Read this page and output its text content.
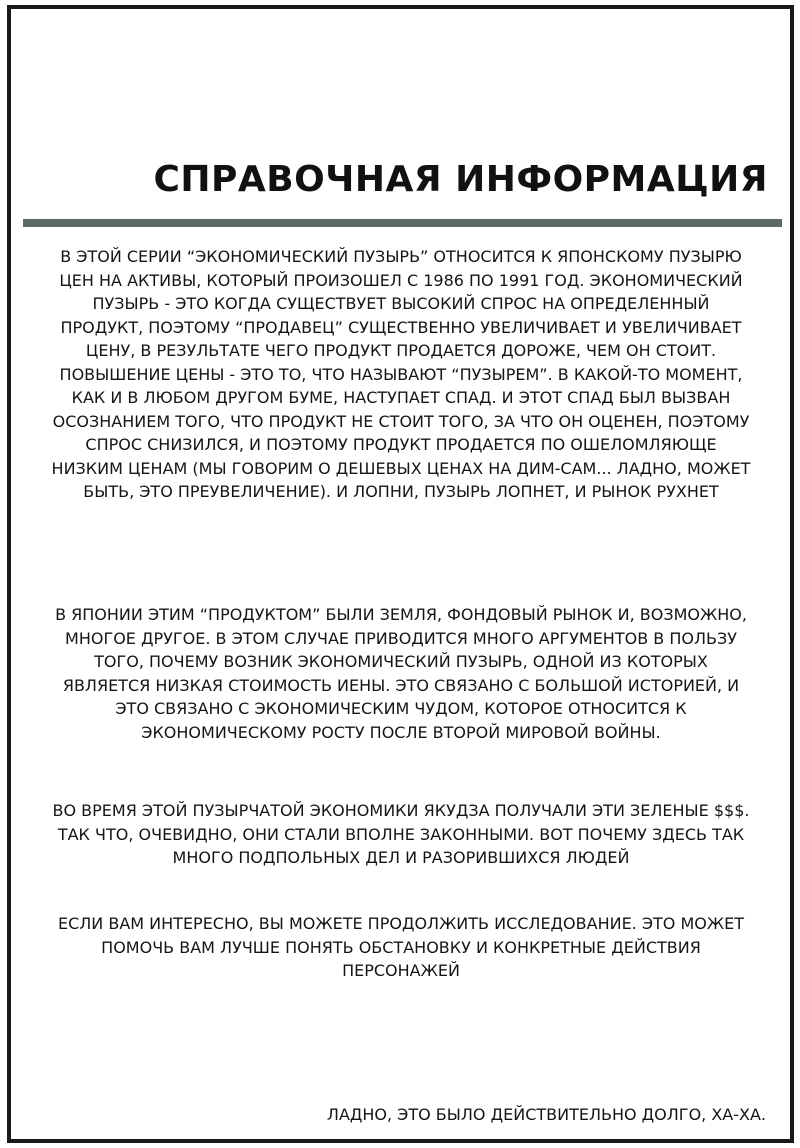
СПРАВОЧНАЯ ИНФОРМАЦИЯ

В ЭТОЙ СЕРИИ “ЭКОНОМИЧЕСКИЙ ПУЗЫРЬ” ОТНОСИТСЯ К ЯПОНСКОМУ ПУЗЫРЮ ЦЕН НА АКТИВЫ, КОТОРЫЙ ПРОИЗОШЕЛ С 1986 ПО 1991 ГОД. ЭКОНОМИЧЕСКИЙ ПУЗЫРЬ - ЭТО КОГДА СУЩЕСТВУЕТ ВЫСОКИЙ СПРОС НА ОПРЕДЕЛЕННЫЙ ПРОДУКТ, ПОЭТОМУ “ПРОДАВЕЦ” СУЩЕСТВЕННО УВЕЛИЧИВАЕТ И УВЕЛИЧИВАЕТ ЦЕНУ, В РЕЗУЛЬТАТЕ ЧЕГО ПРОДУКТ ПРОДАЕТСЯ ДОРОЖЕ, ЧЕМ ОН СТОИТ. ПОВЫШЕНИЕ ЦЕНЫ - ЭТО ТО, ЧТО НАЗЫВАЮТ “ПУЗЫРЕМ”. В КАКОЙ-ТО МОМЕНТ, КАК И В ЛЮБОМ ДРУГОМ БУМЕ, НАСТУПАЕТ СПАД. И ЭТОТ СПАД БЫЛ ВЫЗВАН ОСОЗНАНИЕМ ТОГО, ЧТО ПРОДУКТ НЕ СТОИТ ТОГО, ЗА ЧТО ОН ОЦЕНЕН, ПОЭТОМУ СПРОС СНИЗИЛСЯ, И ПОЭТОМУ ПРОДУКТ ПРОДАЕТСЯ ПО ОШЕЛОМЛЯЮЩЕ НИЗКИМ ЦЕНАМ (МЫ ГОВОРИМ О ДЕШЕВЫХ ЦЕНАХ НА ДИМ-САМ... ЛАДНО, МОЖЕТ БЫТЬ, ЭТО ПРЕУВЕЛИЧЕНИЕ). И ЛОПНИ, ПУЗЫРЬ ЛОПНЕТ, И РЫНОК РУХНЕТ

В ЯПОНИИ ЭТИМ “ПРОДУКТОМ” БЫЛИ ЗЕМЛЯ, ФОНДОВЫЙ РЫНОК И, ВОЗМОЖНО, МНОГОЕ ДРУГОЕ. В ЭТОМ СЛУЧАЕ ПРИВОДИТСЯ МНОГО АРГУМЕНТОВ В ПОЛЬЗУ ТОГО, ПОЧЕМУ ВОЗНИК ЭКОНОМИЧЕСКИЙ ПУЗЫРЬ, ОДНОЙ ИЗ КОТОРЫХ ЯВЛЯЕТСЯ НИЗКАЯ СТОИМОСТЬ ИЕНЫ. ЭТО СВЯЗАНО С БОЛЬШОЙ ИСТОРИЕЙ, И ЭТО СВЯЗАНО С ЭКОНОМИЧЕСКИМ ЧУДОМ, КОТОРОЕ ОТНОСИТСЯ К ЭКОНОМИЧЕСКОМУ РОСТУ ПОСЛЕ ВТОРОЙ МИРОВОЙ ВОЙНЫ.

ВО ВРЕМЯ ЭТОЙ ПУЗЫРЧАТОЙ ЭКОНОМИКИ ЯКУДЗА ПОЛУЧАЛИ ЭТИ ЗЕЛЕНЫЕ $$$. ТАК ЧТО, ОЧЕВИДНО, ОНИ СТАЛИ ВПОЛНЕ ЗАКОННЫМИ. ВОТ ПОЧЕМУ ЗДЕСЬ ТАК МНОГО ПОДПОЛЬНЫХ ДЕЛ И РАЗОРИВШИХСЯ ЛЮДЕЙ

ЕСЛИ ВАМ ИНТЕРЕСНО, ВЫ МОЖЕТЕ ПРОДОЛЖИТЬ ИССЛЕДОВАНИЕ. ЭТО МОЖЕТ ПОМОЧЬ ВАМ ЛУЧШЕ ПОНЯТЬ ОБСТАНОВКУ И КОНКРЕТНЫЕ ДЕЙСТВИЯ ПЕРСОНАЖЕЙ

ЛАДНО, ЭТО БЫЛО ДЕЙСТВИТЕЛЬНО ДОЛГО, ХА-ХА.
